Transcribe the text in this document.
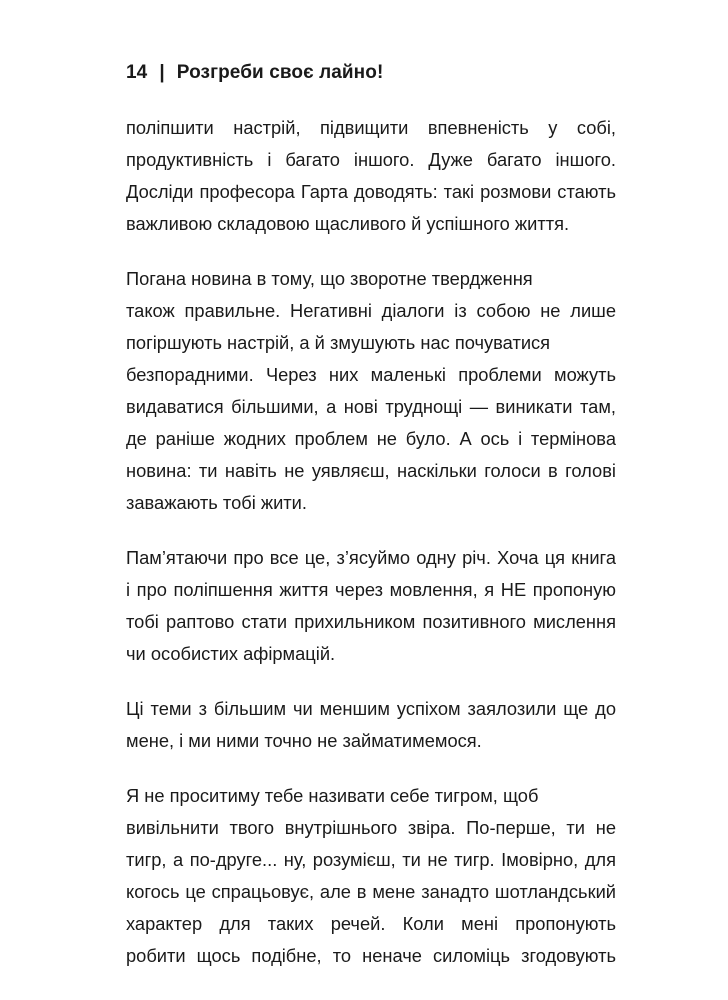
14 | Розгреби своє лайно!
поліпшити настрій, підвищити впевненість у собі,
продуктивність і багато іншого. Дуже багато іншого.
Досліди професора Гарта доводять: такі розмови стають
важливою складовою щасливого й успішного життя.
Погана новина в тому, що зворотне твердження
також правильне. Негативні діалоги із собою не лише
погіршують настрій, а й змушують нас почуватися
безпорадними. Через них маленькі проблеми можуть
видаватися більшими, а нові труднощі — виникати там,
де раніше жодних проблем не було. А ось і термінова
новина: ти навіть не уявляєш, наскільки голоси в голові
заважають тобі жити.
Пам’ятаючи про все це, з’ясуймо одну річ. Хоча ця книга
і про поліпшення життя через мовлення, я НЕ пропоную
тобі раптово стати прихильником позитивного мислення
чи особистих афірмацій.
Ці теми з більшим чи меншим успіхом заялозили ще до
мене, і ми ними точно не займатимемося.
Я не проситиму тебе називати себе тигром, щоб
вивільнити твого внутрішнього звіра. По-перше, ти не
тигр, а по-друге... ну, розумієш, ти не тигр. Імовірно, для
когось це спрацьовує, але в мене занадто шотландський
характер для таких речей. Коли мені пропонують
робити щось подібне, то неначе силоміць згодовують
